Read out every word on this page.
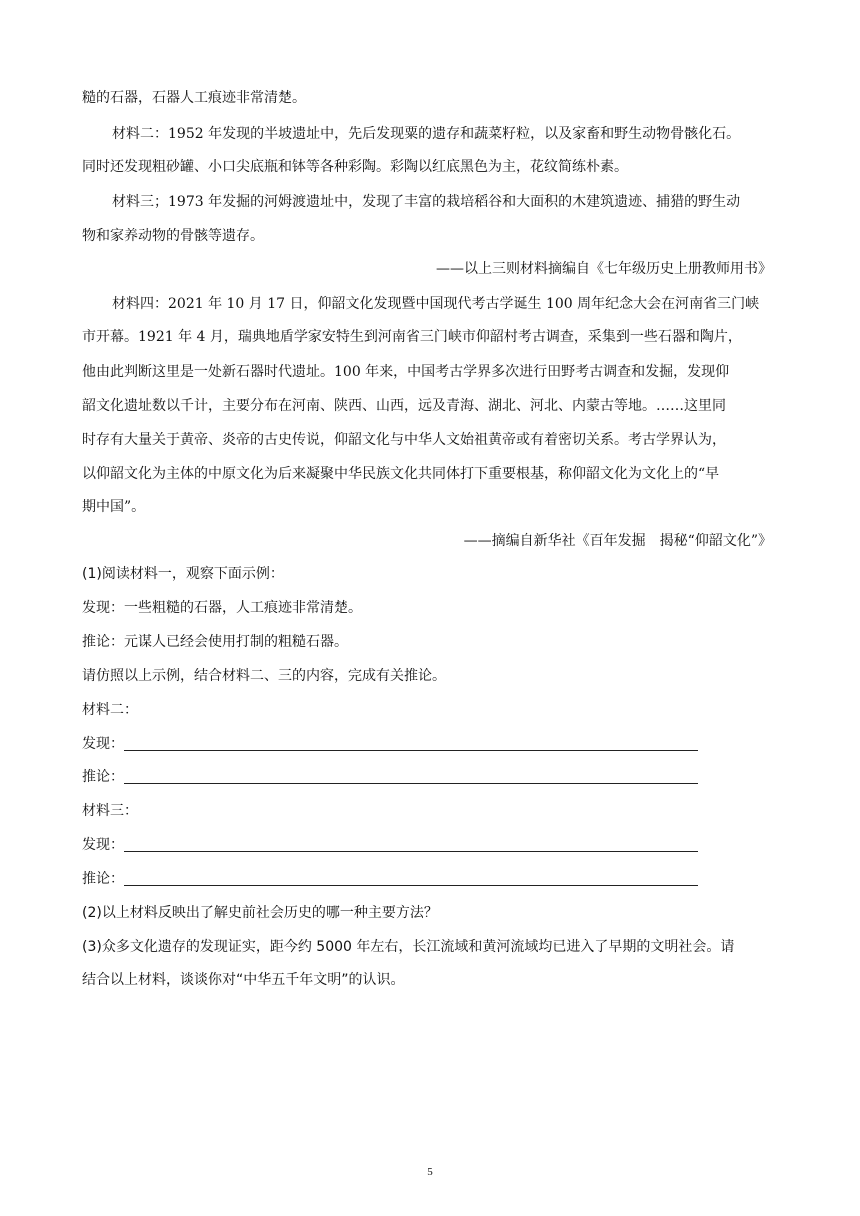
糙的石器，石器人工痕迹非常清楚。
材料二：1952 年发现的半坡遗址中，先后发现粟的遗存和蔬菜籽粒，以及家畜和野生动物骨骸化石。
同时还发现粗砂罐、小口尖底瓶和钵等各种彩陶。彩陶以红底黑色为主，花纹简练朴素。
材料三；1973 年发掘的河姆渡遗址中，发现了丰富的栽培稻谷和大面积的木建筑遗迹、捕猎的野生动
物和家养动物的骨骸等遗存。
——以上三则材料摘编自《七年级历史上册教师用书》
材料四：2021 年 10 月 17 日，仰韶文化发现暨中国现代考古学诞生 100 周年纪念大会在河南省三门峡
市开幕。1921 年 4 月，瑞典地盾学家安特生到河南省三门峡市仰韶村考古调查，采集到一些石器和陶片，
他由此判断这里是一处新石器时代遗址。100 年来，中国考古学界多次进行田野考古调查和发掘，发现仰
韶文化遗址数以千计，主要分布在河南、陕西、山西，远及青海、湖北、河北、内蒙古等地。……这里同
时存有大量关于黄帝、炎帝的古史传说，仰韶文化与中华人文始祖黄帝或有着密切关系。考古学界认为，
以仰韶文化为主体的中原文化为后来凝聚中华民族文化共同体打下重要根基，称仰韶文化为文化上的“早
期中国”。
——摘编自新华社《百年发掘　揭秘“仰韶文化”》
(1)阅读材料一，观察下面示例：
发现：一些粗糙的石器，人工痕迹非常清楚。
推论：元谋人已经会使用打制的粗糙石器。
请仿照以上示例，结合材料二、三的内容，完成有关推论。
材料二：
发现：
推论：
材料三：
发现：
推论：
(2)以上材料反映出了解史前社会历史的哪一种主要方法？
(3)众多文化遗存的发现证实，距今约 5000 年左右，长江流域和黄河流域均已进入了早期的文明社会。请
结合以上材料，谈谈你对“中华五千年文明”的认识。
5
